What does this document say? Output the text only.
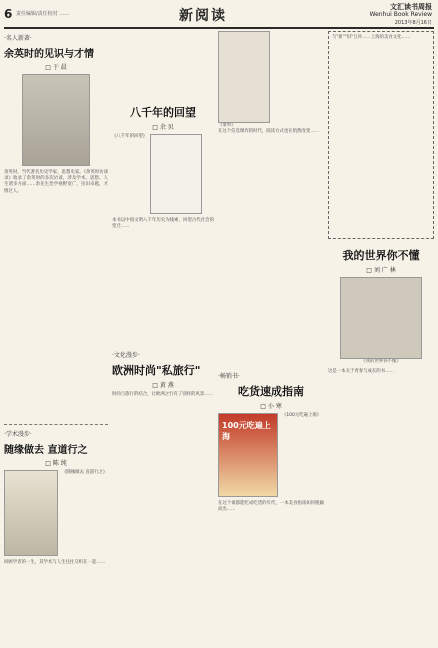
6 责任编辑/责任校对 ……	新阅读
文汇读书周报
Wenhui Book Review
2013年8月16日
·名人新著·
余英时的见识与才情
□ 于 晨
余英时，当代著名历史学家、思想史家。《余英时访谈录》收录了余英时的多次访谈，涉及学术、思想、人生诸多方面……余先生治学视野宽广，见识卓越，才情过人。
·学术漫步·
随缘做去 直道行之
□ 陈 纯
《随缘做去 直道行之》
回顾学者的一生，其学术与人生往往交织在一起……
八千年的回望
□ 余 贝
《八千年的回望》
本书以中国文明八千年历史为线索，回望古代社会的变迁……
·文化漫步·
欧洲时尚"私旅行"
□ 黄 燕
时尚与旅行的结合，让欧洲之行有了别样的风景……
《菜单》
在这个信息爆炸的时代，阅读方式也在悄然改变……
·畅销书·
吃货速成指南
□ 小 寒
100元吃遍上海
《100元吃遍上海》
在这个谁都能吃成吃货的年代，一本美食指南如何脱颖而出……
与"新""旧"互补……上海的美食文化……
我的世界你不懂
□ 刘 广 林
《我的世界你不懂》
这是一本关于青春与成长的书……
